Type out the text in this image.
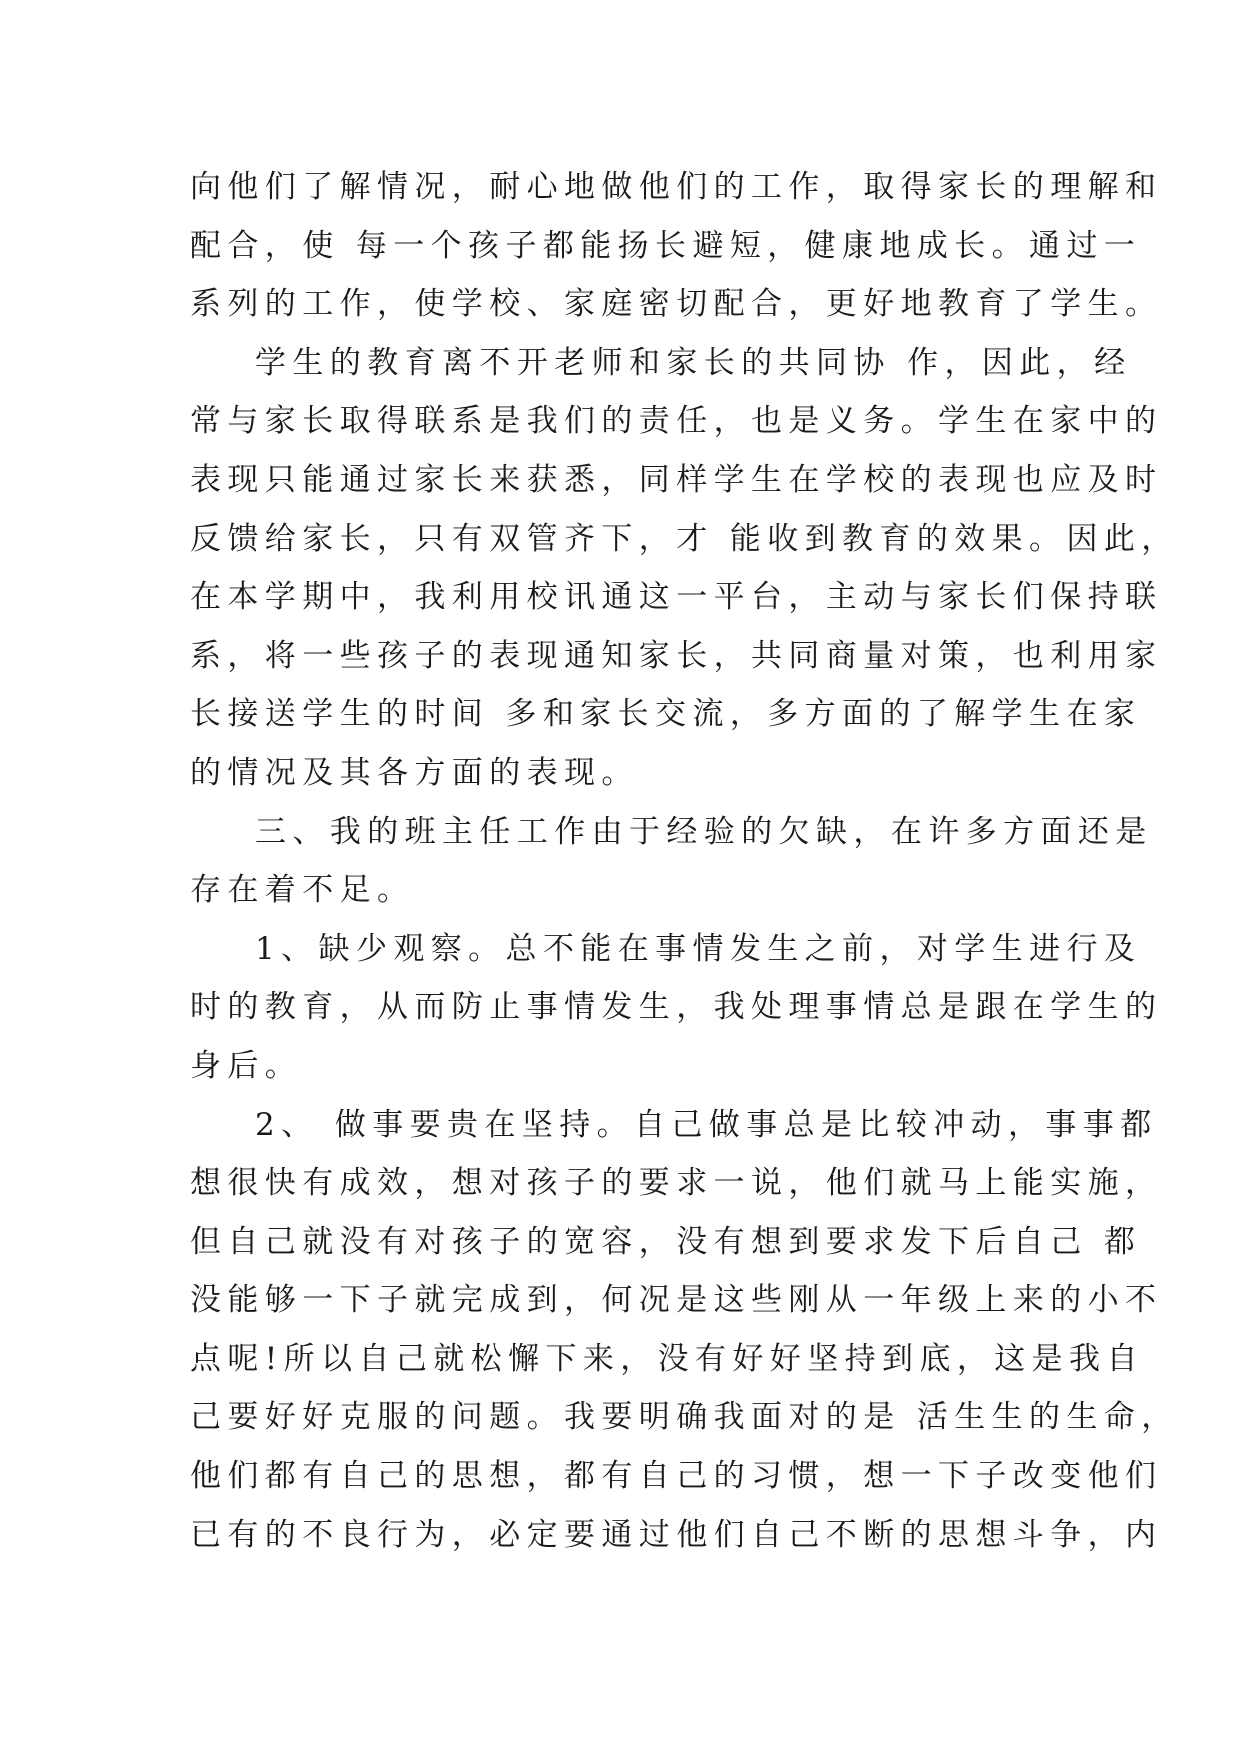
向他们了解情况，耐心地做他们的工作，取得家长的理解和
配合，使 每一个孩子都能扬长避短，健康地成长。通过一
系列的工作，使学校、家庭密切配合，更好地教育了学生。
学生的教育离不开老师和家长的共同协 作，因此，经
常与家长取得联系是我们的责任，也是义务。学生在家中的
表现只能通过家长来获悉，同样学生在学校的表现也应及时
反馈给家长，只有双管齐下，才 能收到教育的效果。因此，
在本学期中，我利用校讯通这一平台，主动与家长们保持联
系，将一些孩子的表现通知家长，共同商量对策，也利用家
长接送学生的时间 多和家长交流，多方面的了解学生在家
的情况及其各方面的表现。
三、我的班主任工作由于经验的欠缺，在许多方面还是
存在着不足。
1、缺少观察。总不能在事情发生之前，对学生进行及
时的教育，从而防止事情发生，我处理事情总是跟在学生的
身后。
2、 做事要贵在坚持。自己做事总是比较冲动，事事都
想很快有成效，想对孩子的要求一说，他们就马上能实施，
但自己就没有对孩子的宽容，没有想到要求发下后自己 都
没能够一下子就完成到，何况是这些刚从一年级上来的小不
点呢!所以自己就松懈下来，没有好好坚持到底，这是我自
己要好好克服的问题。我要明确我面对的是 活生生的生命，
他们都有自己的思想，都有自己的习惯，想一下子改变他们
已有的不良行为，必定要通过他们自己不断的思想斗争，内
